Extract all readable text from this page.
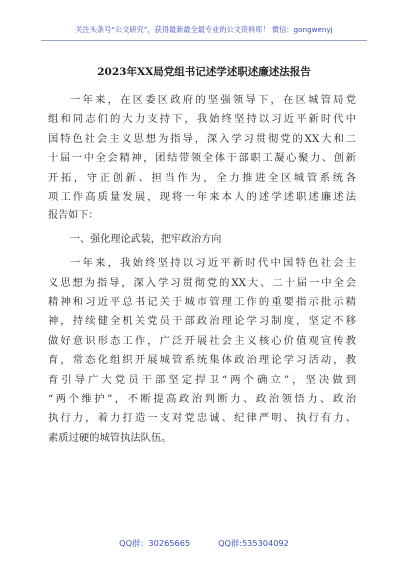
关注头条号“公文研究”，获得最新最全最专业的公文资料库！ 微信：gongwenyj
2023年XX局党组书记述学述职述廉述法报告
一年来，在区委区政府的坚强领导下，在区城管局党
组和同志们的大力支持下，我始终坚持以习近平新时代中
国特色社会主义思想为指导，深入学习贯彻党的XX大和二
十届一中全会精神，团结带领全体干部职工凝心聚力、创新
开拓，守正创新、担当作为，全力推进全区城管系统各
项工作高质量发展，现将一年来本人的述学述职述廉述法
报告如下：
一、强化理论武装，把牢政治方向
一年来，我始终坚持以习近平新时代中国特色社会主
义思想为指导，深入学习贯彻党的XX大、二十届一中全会
精神和习近平总书记关于城市管理工作的重要指示批示精
神，持续健全机关党员干部政治理论学习制度，坚定不移
做好意识形态工作，广泛开展社会主义核心价值观宣传教
育，常态化组织开展城管系统集体政治理论学习活动，教
育引导广大党员干部坚定捍卫“两个确立”，坚决做到
“两个维护”，不断提高政治判断力、政治领悟力、政治
执行力，着力打造一支对党忠诚、纪律严明、执行有力、
素质过硬的城管执法队伍。
QQ群：30265665	QQ群:535304092
